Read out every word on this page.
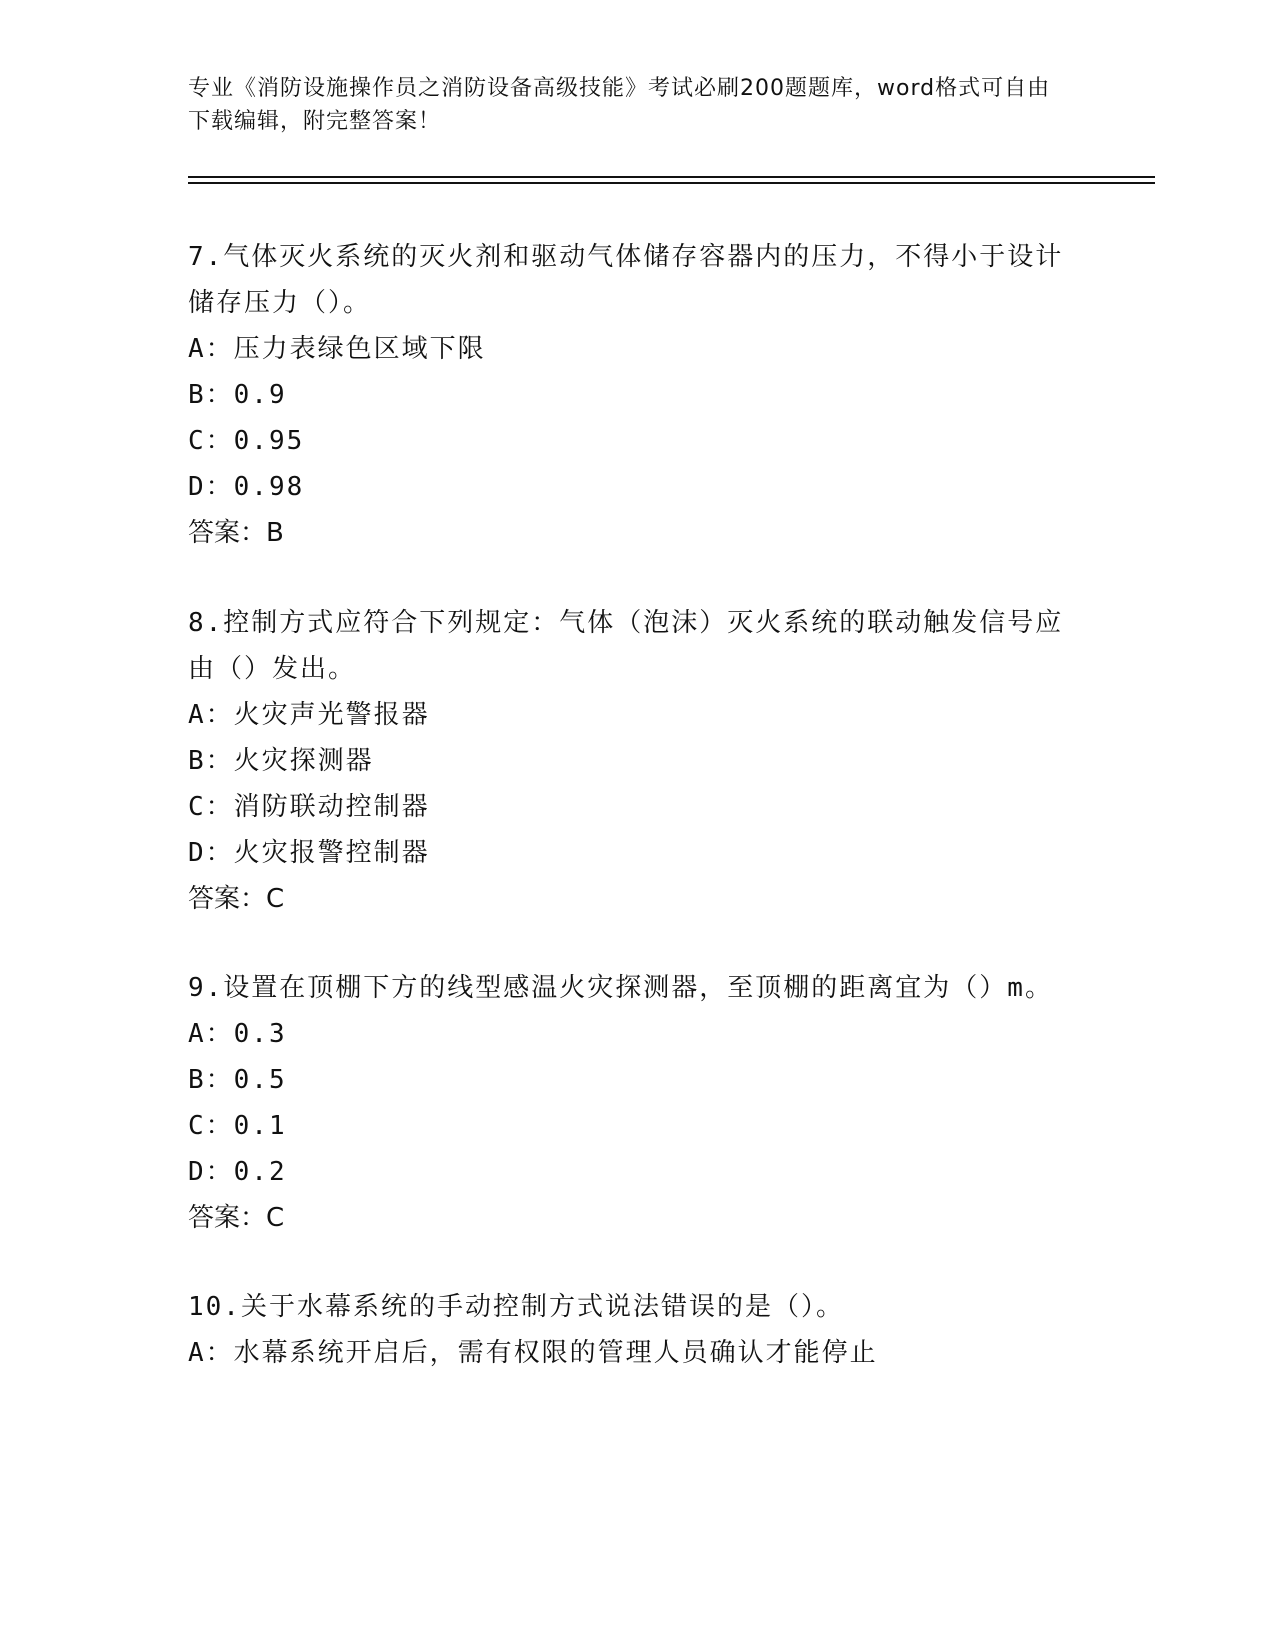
专业《消防设施操作员之消防设备高级技能》考试必刷200题题库，word格式可自由下载编辑，附完整答案！

7.气体灭火系统的灭火剂和驱动气体储存容器内的压力，不得小于设计储存压力（）。

A：压力表绿色区域下限

B：0.9

C：0.95

D：0.98

答案：B

8.控制方式应符合下列规定：气体（泡沫）灭火系统的联动触发信号应由（）发出。

A：火灾声光警报器

B：火灾探测器

C：消防联动控制器

D：火灾报警控制器

答案：C

9.设置在顶棚下方的线型感温火灾探测器，至顶棚的距离宜为（）m。

A：0.3

B：0.5

C：0.1

D：0.2

答案：C

10.关于水幕系统的手动控制方式说法错误的是（）。

A：水幕系统开启后，需有权限的管理人员确认才能停止
